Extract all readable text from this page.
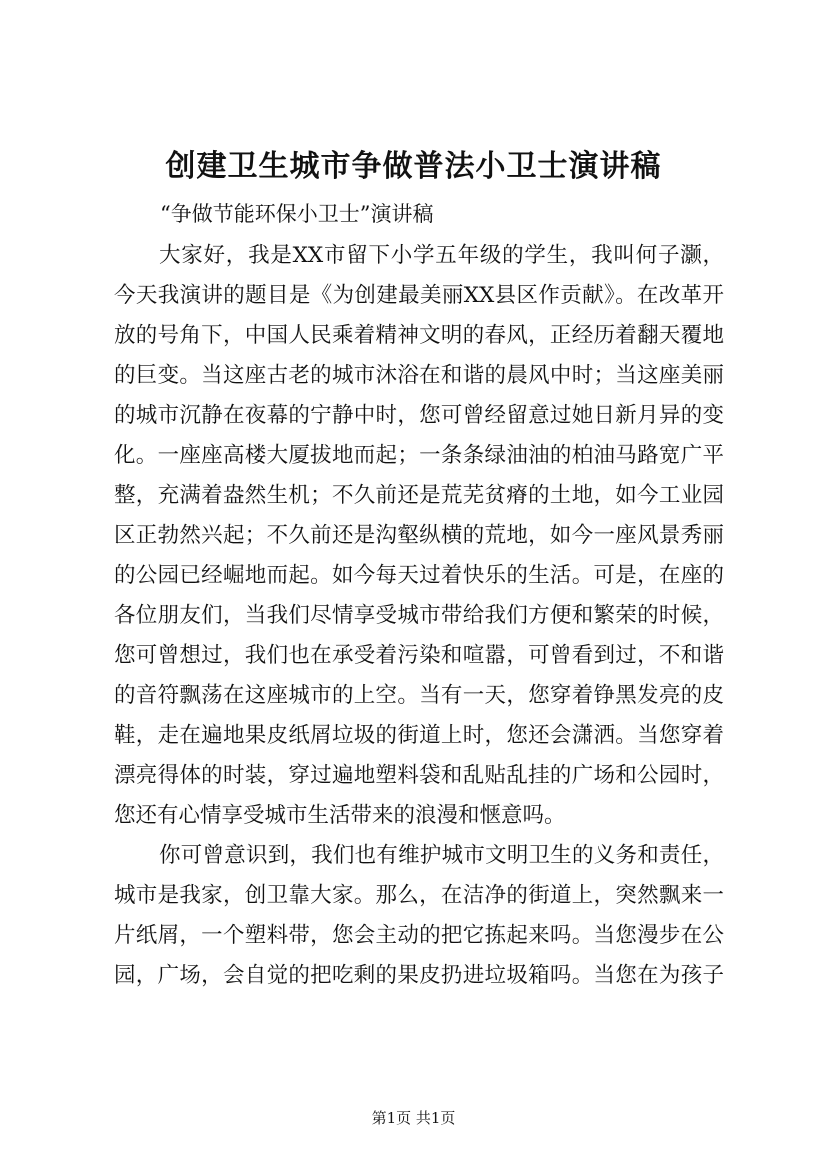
创建卫生城市争做普法小卫士演讲稿
“争做节能环保小卫士”演讲稿
大家好，我是XX市留下小学五年级的学生，我叫何子灏，
今天我演讲的题目是《为创建最美丽XX县区作贡献》。在改革开
放的号角下，中国人民乘着精神文明的春风，正经历着翻天覆地
的巨变。当这座古老的城市沐浴在和谐的晨风中时；当这座美丽
的城市沉静在夜幕的宁静中时，您可曾经留意过她日新月异的变
化。一座座高楼大厦拔地而起；一条条绿油油的柏油马路宽广平
整，充满着盎然生机；不久前还是荒芜贫瘠的土地，如今工业园
区正勃然兴起；不久前还是沟壑纵横的荒地，如今一座风景秀丽
的公园已经崛地而起。如今每天过着快乐的生活。可是，在座的
各位朋友们，当我们尽情享受城市带给我们方便和繁荣的时候，
您可曾想过，我们也在承受着污染和喧嚣，可曾看到过，不和谐
的音符飘荡在这座城市的上空。当有一天，您穿着铮黑发亮的皮
鞋，走在遍地果皮纸屑垃圾的街道上时，您还会潇洒。当您穿着
漂亮得体的时装，穿过遍地塑料袋和乱贴乱挂的广场和公园时，
您还有心情享受城市生活带来的浪漫和惬意吗。
你可曾意识到，我们也有维护城市文明卫生的义务和责任，
城市是我家，创卫靠大家。那么，在洁净的街道上，突然飘来一
片纸屑，一个塑料带，您会主动的把它拣起来吗。当您漫步在公
园，广场，会自觉的把吃剩的果皮扔进垃圾箱吗。当您在为孩子
第1页 共1页
